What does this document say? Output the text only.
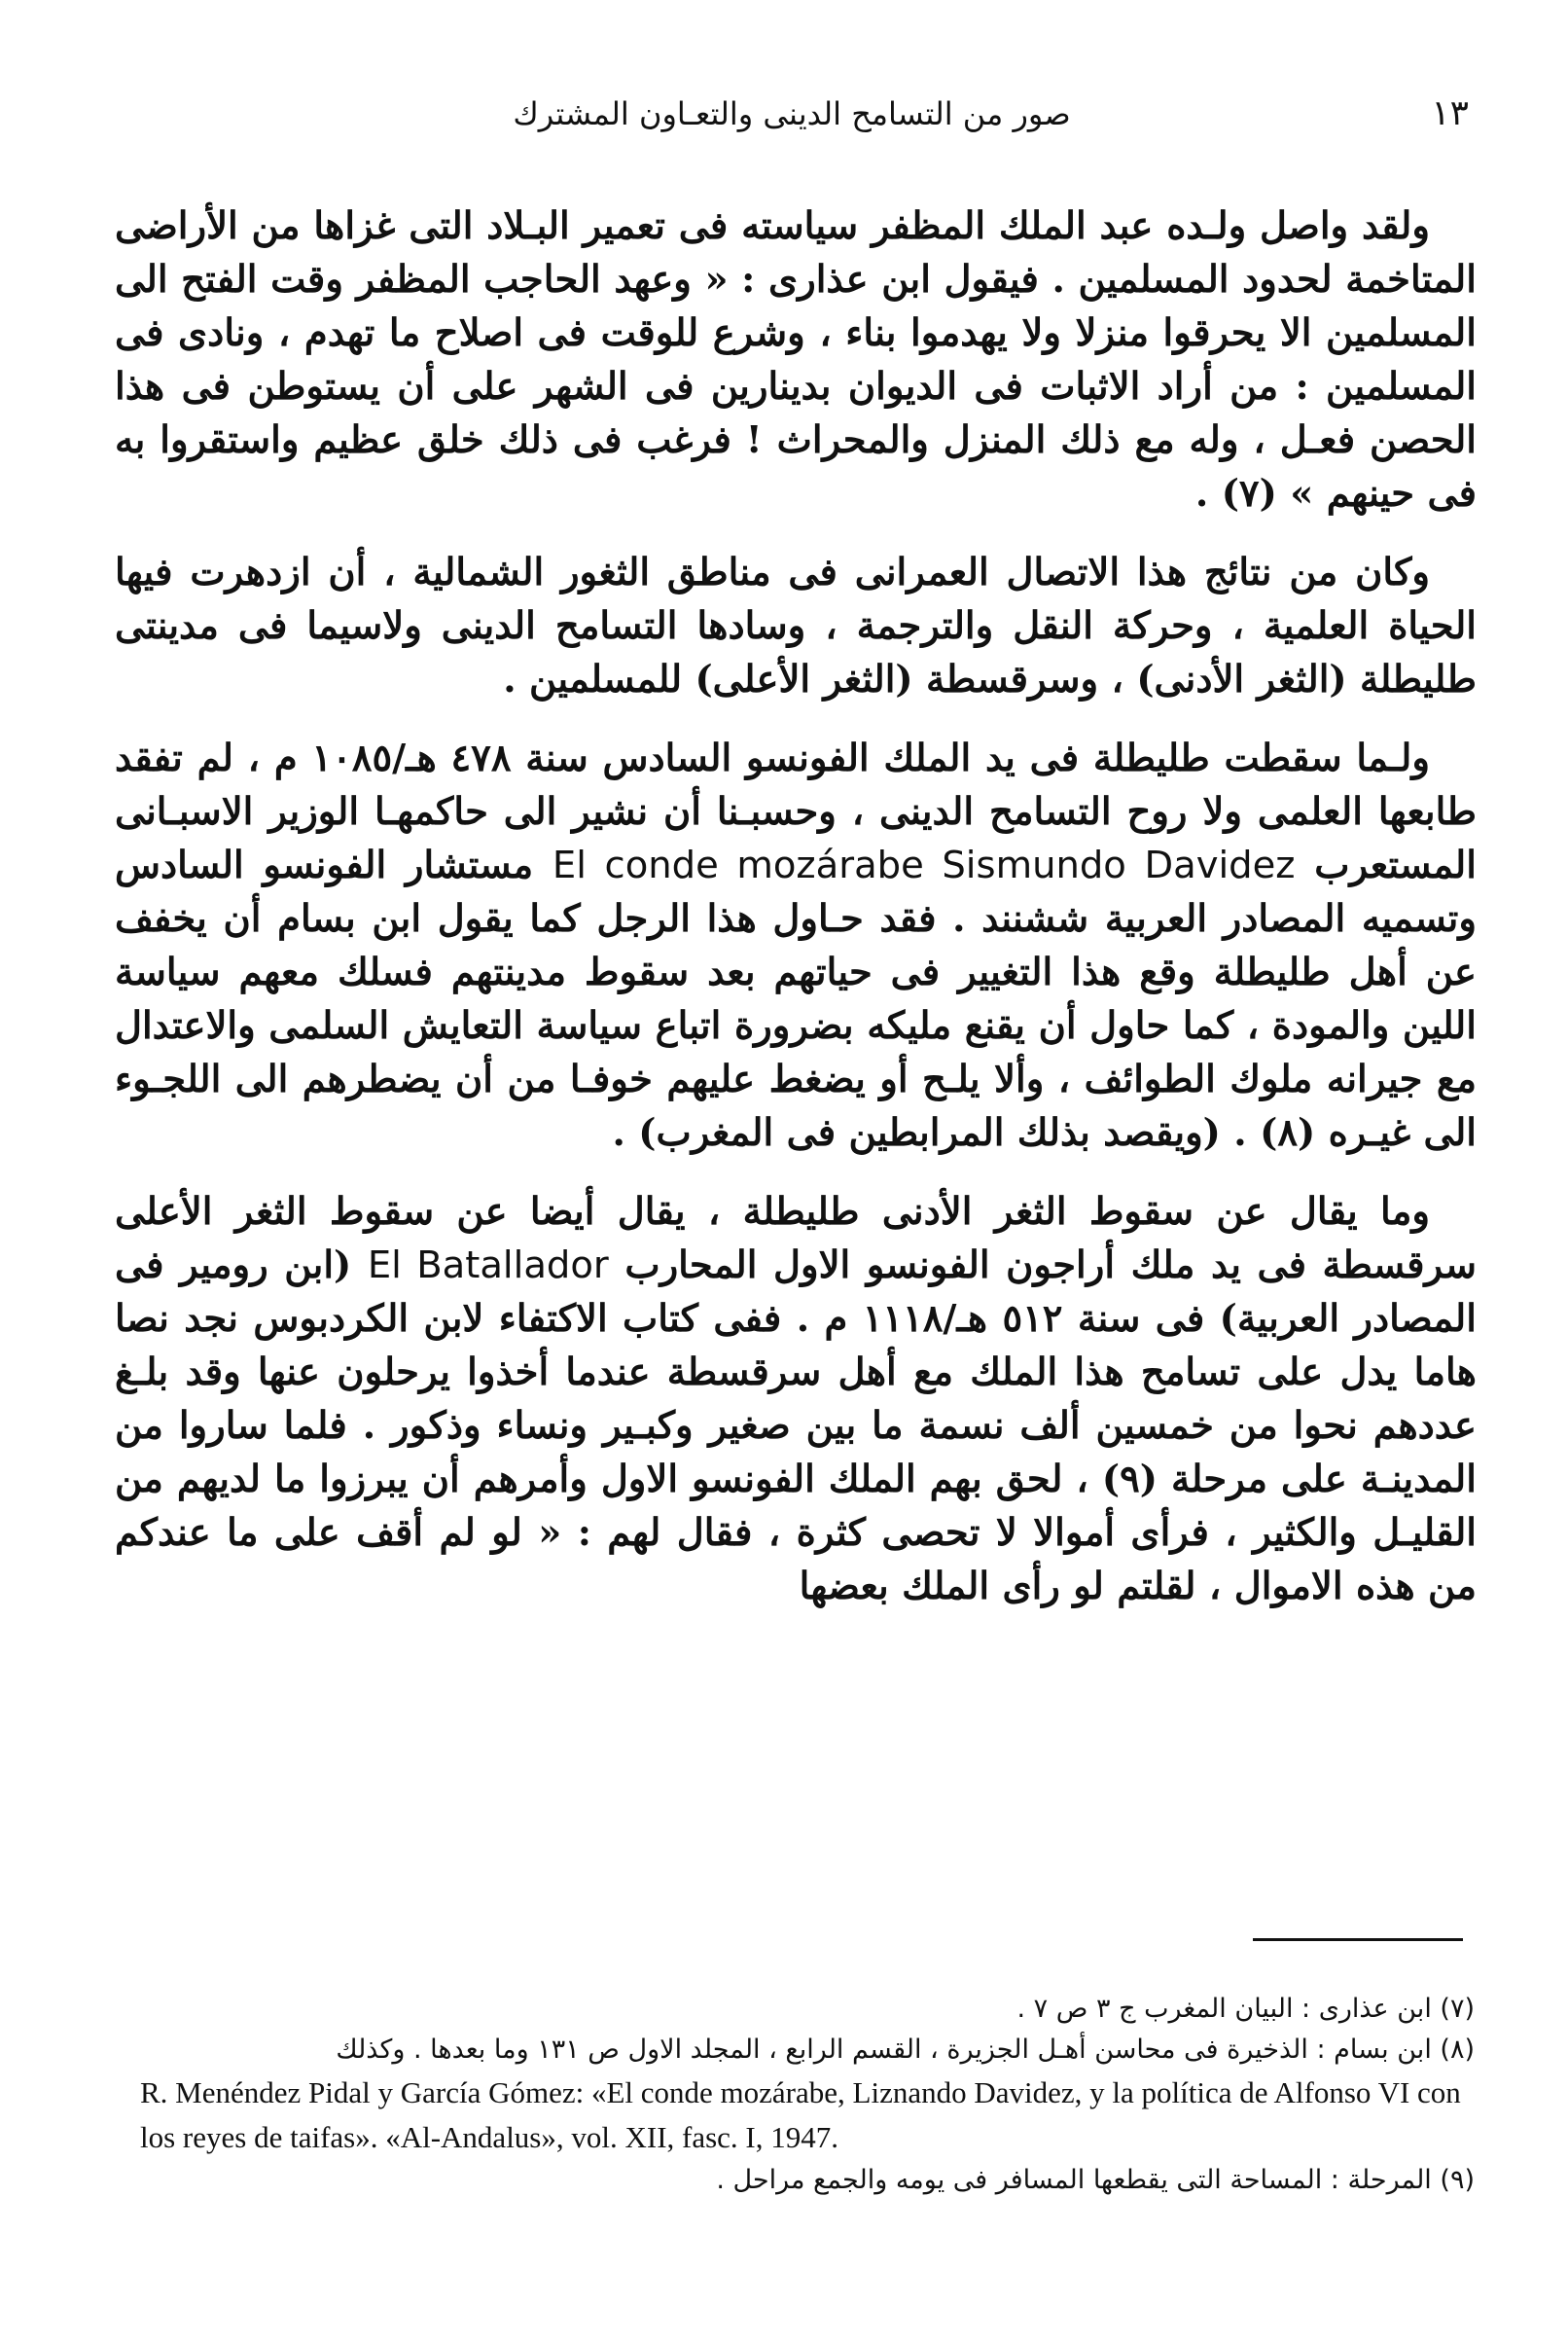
صور من التسامح الدينى والتعـاون المشترك	١٣

ولقد واصل ولـده عبد الملك المظفر سياسته فى تعمير البـلاد التى غزاها من الأراضى المتاخمة لحدود المسلمين . فيقول ابن عذارى : « وعهد الحاجب المظفر وقت الفتح الى المسلمين الا يحرقوا منزلا ولا يهدموا بناء ، وشرع للوقت فى اصلاح ما تهدم ، ونادى فى المسلمين : من أراد الاثبات فى الديوان بدينارين فى الشهر على أن يستوطن فى هذا الحصن فعـل ، وله مع ذلك المنزل والمحراث ! فرغب فى ذلك خلق عظيم واستقروا به فى حينهم » (٧) .

وكان من نتائج هذا الاتصال العمرانى فى مناطق الثغور الشمالية ، أن ازدهرت فيها الحياة العلمية ، وحركة النقل والترجمة ، وسادها التسامح الدينى ولاسيما فى مدينتى طليطلة (الثغر الأدنى) ، وسرقسطة (الثغر الأعلى) للمسلمين .

ولـما سقطت طليطلة فى يد الملك الفونسو السادس سنة ٤٧٨ هـ/١٠٨٥ م ، لم تفقد طابعها العلمى ولا روح التسامح الدينى ، وحسبـنا أن نشير الى حاكمهـا الوزير الاسبـانى المستعرب El conde mozárabe Sismundo Davidez مستشار الفونسو السادس وتسميه المصادر العربية ششنند . فقد حـاول هذا الرجل كما يقول ابن بسام أن يخفف عن أهل طليطلة وقع هذا التغيير فى حياتهم بعد سقوط مدينتهم فسلك معهم سياسة اللين والمودة ، كما حاول أن يقنع مليكه بضرورة اتباع سياسة التعايش السلمى والاعتدال مع جيرانه ملوك الطوائف ، وألا يلـح أو يضغط عليهم خوفـا من أن يضطرهم الى اللجـوء الى غيـره (٨) . (ويقصد بذلك المرابطين فى المغرب) .

وما يقال عن سقوط الثغر الأدنى طليطلة ، يقال أيضا عن سقوط الثغر الأعلى سرقسطة فى يد ملك أراجون الفونسو الاول المحارب El Batallador (ابن رومير فى المصادر العربية) فى سنة ٥١٢ هـ/١١١٨ م . ففى كتاب الاكتفاء لابن الكردبوس نجد نصا هاما يدل على تسامح هذا الملك مع أهل سرقسطة عندما أخذوا يرحلون عنها وقد بلـغ عددهم نحوا من خمسين ألف نسمة ما بين صغير وكبـير ونساء وذكور . فلما ساروا من المدينـة على مرحلة (٩) ، لحق بهم الملك الفونسو الاول وأمرهم أن يبرزوا ما لديهم من القليـل والكثير ، فرأى أموالا لا تحصى كثرة ، فقال لهم : « لو لم أقف على ما عندكم من هذه الاموال ، لقلتم لو رأى الملك بعضها

(٧) ابن عذارى : البيان المغرب ج ٣ ص ٧ .

(٨) ابن بسام : الذخيرة فى محاسن أهـل الجزيرة ، القسم الرابع ، المجلد الاول ص ١٣١ وما بعدها . وكذلك

R. Menéndez Pidal y García Gómez: «El conde mozárabe, Liznando Davidez, y la política de Alfonso VI con los reyes de taifas». «Al-Andalus», vol. XII, fasc. I, 1947.

(٩) المرحلة : المساحة التى يقطعها المسافر فى يومه والجمع مراحل .
